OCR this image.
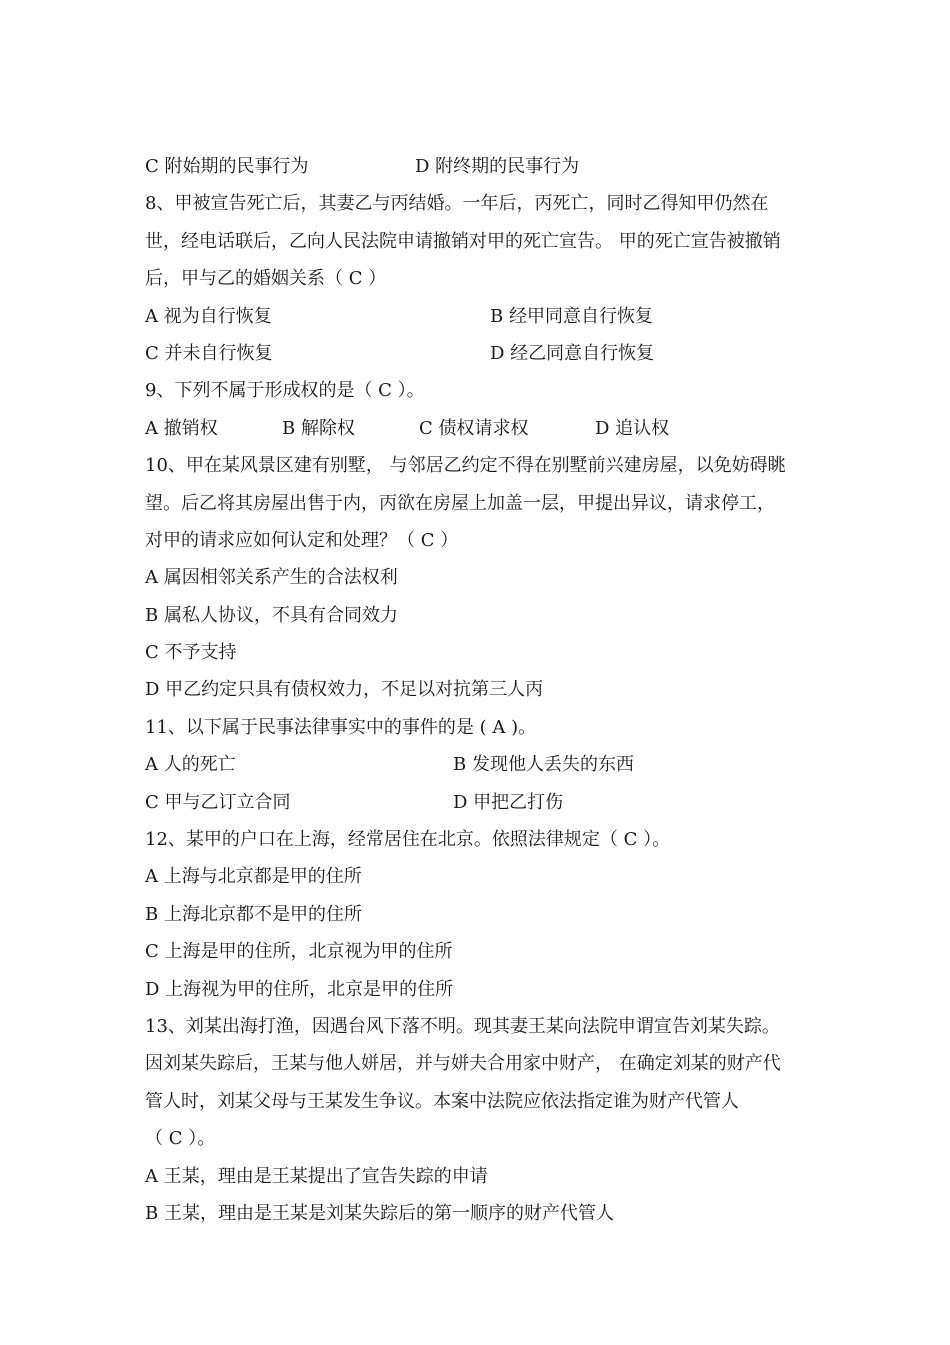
C 附始期的民事行为	D 附终期的民事行为
8、甲被宣告死亡后，其妻乙与丙结婚。一年后，丙死亡，同时乙得知甲仍然在
世，经电话联后，乙向人民法院申请撤销对甲的死亡宣告。 甲的死亡宣告被撤销
后，甲与乙的婚姻关系（ C ）
A 视为自行恢复	B 经甲同意自行恢复
C 并未自行恢复	D 经乙同意自行恢复
9、下列不属于形成权的是（ C ）。
A 撤销权	B 解除权	C 债权请求权	D 追认权
10、甲在某风景区建有别墅， 与邻居乙约定不得在别墅前兴建房屋，以免妨碍眺
望。后乙将其房屋出售于内，丙欲在房屋上加盖一层，甲提出异议，请求停工，
对甲的请求应如何认定和处理？（ C ）
A 属因相邻关系产生的合法权利
B 属私人协议，不具有合同效力
C 不予支持
D 甲乙约定只具有债权效力，不足以对抗第三人丙
11、以下属于民事法律事实中的事件的是 ( A )。
A 人的死亡	B 发现他人丢失的东西
C 甲与乙订立合同	D 甲把乙打伤
12、某甲的户口在上海，经常居住在北京。依照法律规定（ C ）。
A 上海与北京都是甲的住所
B 上海北京都不是甲的住所
C 上海是甲的住所，北京视为甲的住所
D 上海视为甲的住所，北京是甲的住所
13、刘某出海打渔，因遇台风下落不明。现其妻王某向法院申谓宣告刘某失踪。
因刘某失踪后，王某与他人姘居，并与姘夫合用家中财产， 在确定刘某的财产代
管人时，刘某父母与王某发生争议。本案中法院应依法指定谁为财产代管人
（ C ）。
A 王某，理由是王某提出了宣告失踪的申请
B 王某，理由是王某是刘某失踪后的第一顺序的财产代管人
